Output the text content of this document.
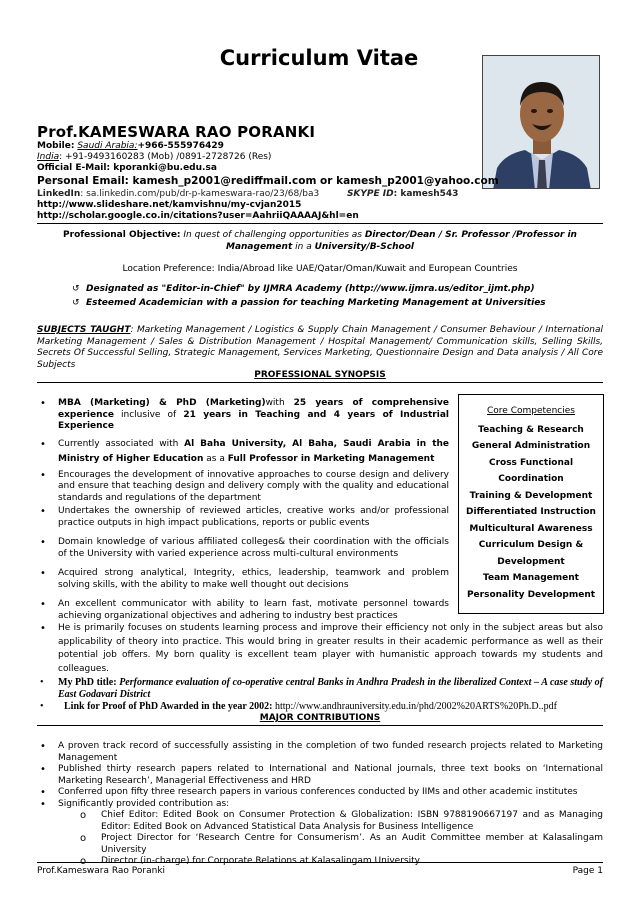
Curriculum Vitae
Prof.KAMESWARA RAO PORANKI
Mobile: Saudi Arabia:+966-555976429
India: +91-9493160283 (Mob) /0891-2728726 (Res)
Official E-Mail: kporanki@bu.edu.sa
Personal Email: kamesh_p2001@rediffmail.com or kamesh_p2001@yahoo.com
LinkedIn: sa.linkedin.com/pub/dr-p-kameswara-rao/23/68/ba3	SKYPE ID: kamesh543
http://www.slideshare.net/kamvishnu/my-cvjan2015
http://scholar.google.co.in/citations?user=AahriiQAAAAJ&hl=en
Professional Objective: In quest of challenging opportunities as Director/Dean / Sr. Professor /Professor in Management in a University/B-School
Location Preference: India/Abroad like UAE/Qatar/Oman/Kuwait and European Countries
↺ Designated as "Editor-in-Chief" by IJMRA Academy (http://www.ijmra.us/editor_ijmt.php)
↺ Esteemed Academician with a passion for teaching Marketing Management at Universities
SUBJECTS TAUGHT: Marketing Management / Logistics & Supply Chain Management / Consumer Behaviour / International Marketing Management / Sales & Distribution Management / Hospital Management/ Communication skills, Selling Skills, Secrets Of Successful Selling, Strategic Management, Services Marketing, Questionnaire Design and Data analysis / All Core Subjects
PROFESSIONAL SYNOPSIS
• MBA (Marketing) & PhD (Marketing)with 25 years of comprehensive experience inclusive of 21 years in Teaching and 4 years of Industrial Experience
• Currently associated with Al Baha University, Al Baha, Saudi Arabia in the Ministry of Higher Education as a Full Professor in Marketing Management
• Encourages the development of innovative approaches to course design and delivery and ensure that teaching design and delivery comply with the quality and educational standards and regulations of the department
• Undertakes the ownership of reviewed articles, creative works and/or professional practice outputs in high impact publications, reports or public events
• Domain knowledge of various affiliated colleges& their coordination with the officials of the University with varied experience across multi-cultural environments
• Acquired strong analytical, Integrity, ethics, leadership, teamwork and problem solving skills, with the ability to make well thought out decisions
• An excellent communicator with ability to learn fast, motivate personnel towards achieving organizational objectives and adhering to industry best practices
Core Competencies
Teaching & Research
General Administration
Cross Functional
Coordination
Training & Development
Differentiated Instruction
Multicultural Awareness
Curriculum Design &
Development
Team Management
Personality Development
• He is primarily focuses on students learning process and improve their efficiency not only in the subject areas but also applicability of theory into practice. This would bring in greater results in their academic performance as well as their potential job offers. My born quality is excellent team player with humanistic approach towards my students and colleagues.
• My PhD title: Performance evaluation of co-operative central Banks in Andhra Pradesh in the liberalized Context – A case study of East Godavari District
• Link for Proof of PhD Awarded in the year 2002: http://www.andhrauniversity.edu.in/phd/2002%20ARTS%20Ph.D..pdf
MAJOR CONTRIBUTIONS
• A proven track record of successfully assisting in the completion of two funded research projects related to Marketing Management
• Published thirty research papers related to International and National journals, three text books on ‘International Marketing Research’, Managerial Effectiveness and HRD
• Conferred upon fifty three research papers in various conferences conducted by IIMs and other academic institutes
• Significantly provided contribution as:
o Chief Editor: Edited Book on Consumer Protection & Globalization: ISBN 9788190667197 and as Managing Editor: Edited Book on Advanced Statistical Data Analysis for Business Intelligence
o Project Director for ‘Research Centre for Consumerism’. As an Audit Committee member at Kalasalingam University
o Director (in-charge) for Corporate Relations at Kalasalingam University.
Prof.Kameswara Rao Poranki	Page 1
